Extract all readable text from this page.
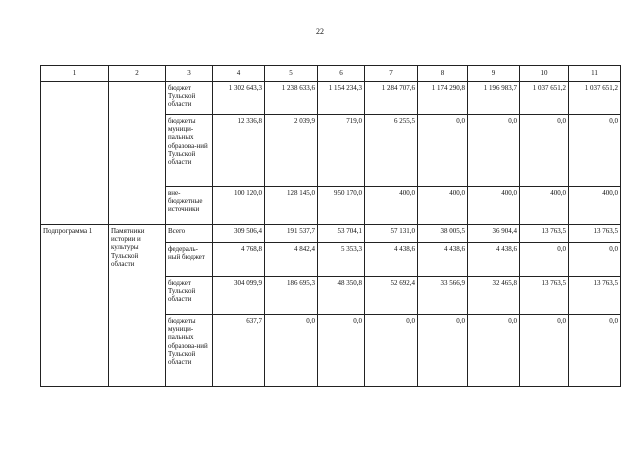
22
1	2	3	4	5	6	7	8	9	10	11
		бюджет Тульской области	1 302 643,3	1 238 633,6	1 154 234,3	1 284 707,6	1 174 290,8	1 196 983,7	1 037 651,2	1 037 651,2
		бюджеты муници-пальных образова-ний Тульской области	12 336,8	2 039,9	719,0	6 255,5	0,0	0,0	0,0	0,0
		вне-бюджетные источники	100 120,0	128 145,0	950 170,0	400,0	400,0	400,0	400,0	400,0
Подпрограмма 1	Памятники истории и культуры Тульской области	Всего	309 506,4	191 537,7	53 704,1	57 131,0	38 005,5	36 904,4	13 763,5	13 763,5
		федераль-ный бюджет	4 768,8	4 842,4	5 353,3	4 438,6	4 438,6	4 438,6	0,0	0,0
		бюджет Тульской области	304 099,9	186 695,3	48 350,8	52 692,4	33 566,9	32 465,8	13 763,5	13 763,5
		бюджеты муници-пальных образова-ний Тульской области	637,7	0,0	0,0	0,0	0,0	0,0	0,0	0,0
